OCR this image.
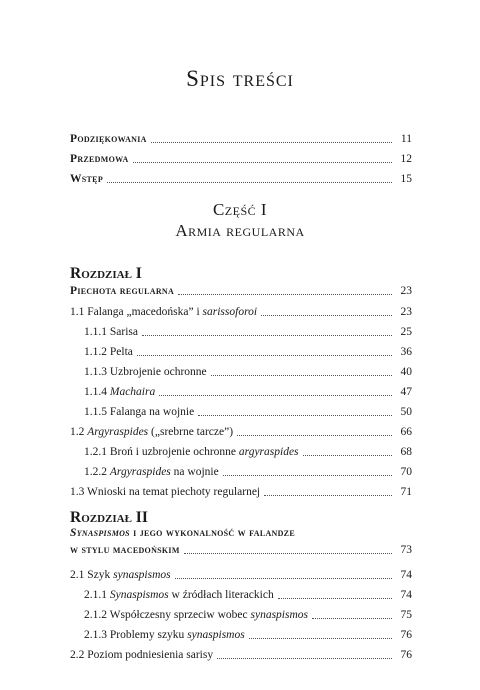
Spis treści
Podziękowania	11
Przedmowa	12
Wstęp	15
Część I
Armia regularna
Rozdział I
Piechota regularna	23
1.1 Falanga „macedońska” i sarissoforoi	23
1.1.1 Sarisa	25
1.1.2 Pelta	36
1.1.3 Uzbrojenie ochronne	40
1.1.4 Machaira	47
1.1.5 Falanga na wojnie	50
1.2 Argyraspides („srebrne tarcze”)	66
1.2.1 Broń i uzbrojenie ochronne argyraspides	68
1.2.2 Argyraspides na wojnie	70
1.3 Wnioski na temat piechoty regularnej	71
Rozdział II
Synaspismos i jego wykonalność w falandze
w stylu macedońskim	73
2.1 Szyk synaspismos	74
2.1.1 Synaspismos w źródłach literackich	74
2.1.2 Współczesny sprzeciw wobec synaspismos	75
2.1.3 Problemy szyku synaspismos	76
2.2 Poziom podniesienia sarisy	76
